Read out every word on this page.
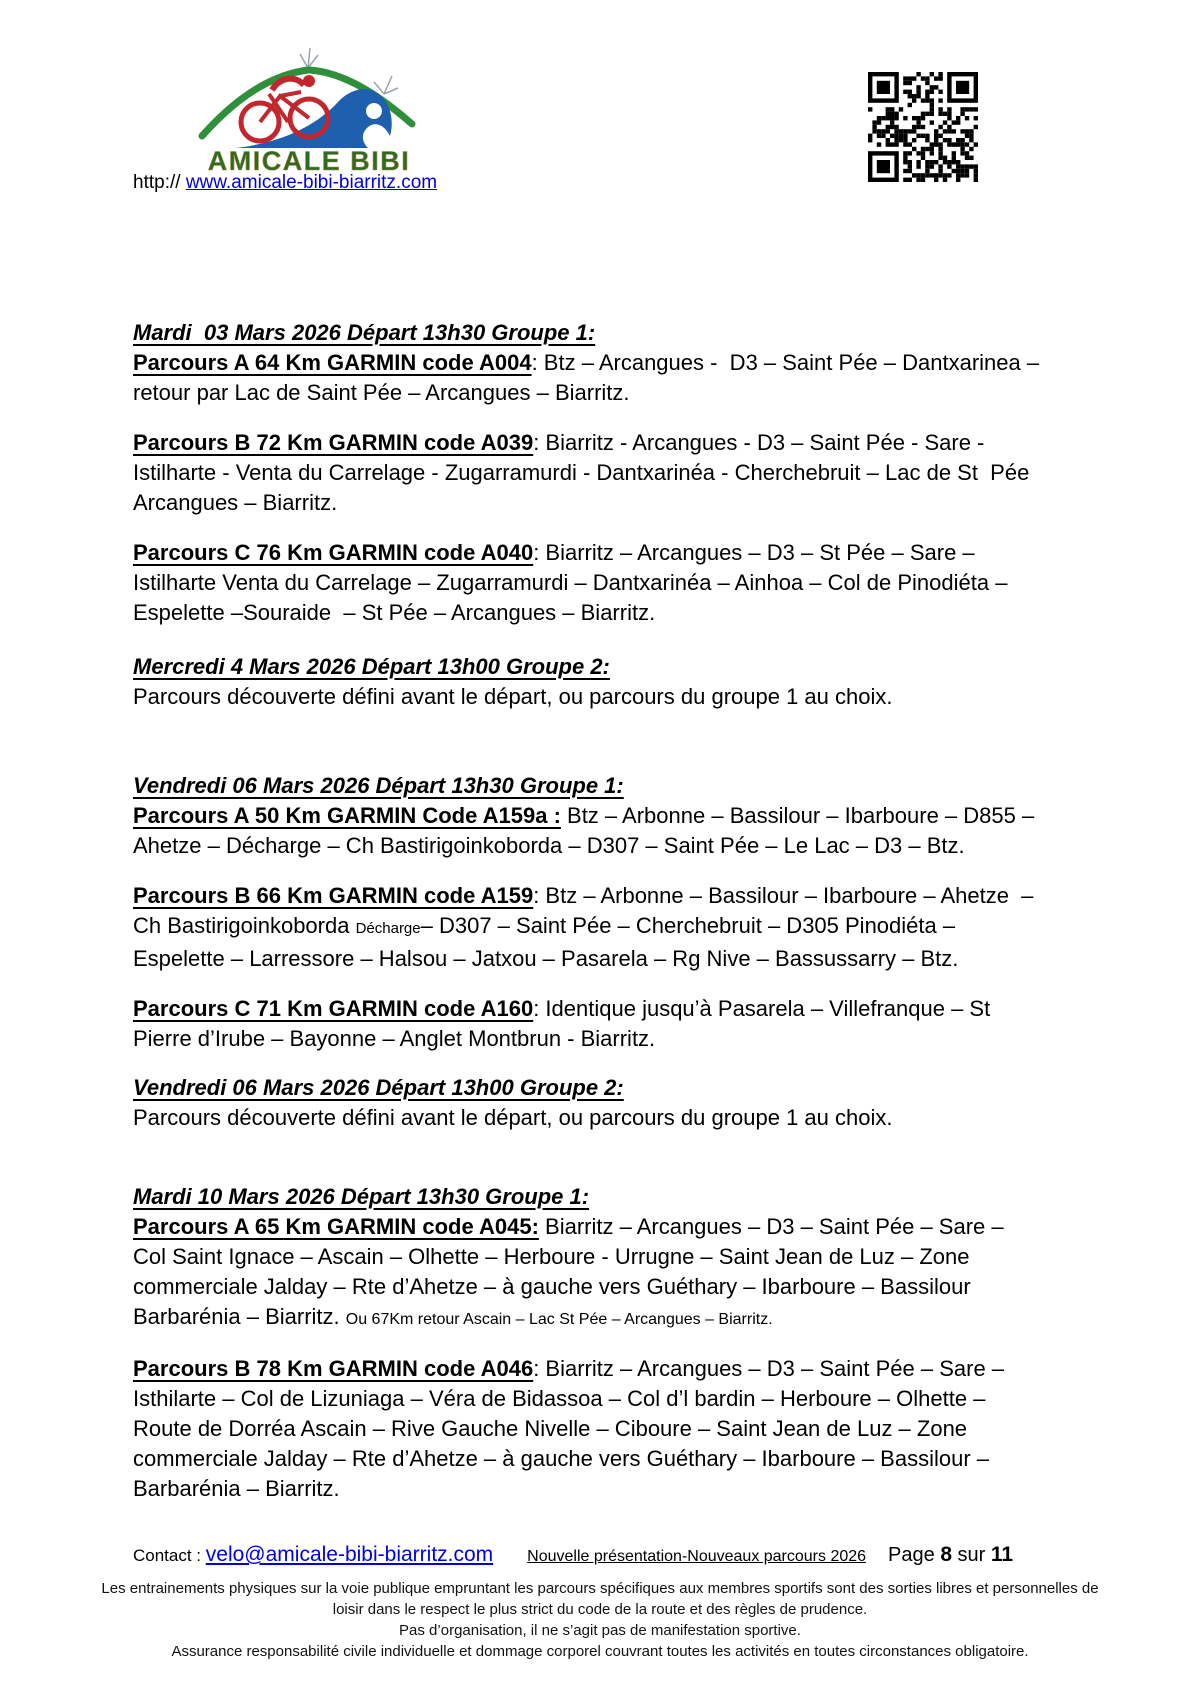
AMICALE BIBI
http:// www.amicale-bibi-biarritz.com

Mardi  03 Mars 2026 Départ 13h30 Groupe 1:

Parcours A 64 Km GARMIN code A004: Btz – Arcangues -  D3 – Saint Pée – Dantxarinea – retour par Lac de Saint Pée – Arcangues – Biarritz.

Parcours B 72 Km GARMIN code A039: Biarritz - Arcangues - D3 – Saint Pée - Sare - Istilharte - Venta du Carrelage - Zugarramurdi - Dantxarinéa - Cherchebruit – Lac de St  Pée Arcangues – Biarritz.

Parcours C 76 Km GARMIN code A040: Biarritz – Arcangues – D3 – St Pée – Sare – Istilharte Venta du Carrelage – Zugarramurdi – Dantxarinéa – Ainhoa – Col de Pinodiéta – Espelette –Souraide  – St Pée – Arcangues – Biarritz.

Mercredi 4 Mars 2026 Départ 13h00 Groupe 2:

Parcours découverte défini avant le départ, ou parcours du groupe 1 au choix.

Vendredi 06 Mars 2026 Départ 13h30 Groupe 1:

Parcours A 50 Km GARMIN Code A159a : Btz – Arbonne – Bassilour – Ibarboure – D855 – Ahetze – Décharge – Ch Bastirigoinkoborda – D307 – Saint Pée – Le Lac – D3 – Btz.

Parcours B 66 Km GARMIN code A159: Btz – Arbonne – Bassilour – Ibarboure – Ahetze  – Ch Bastirigoinkoborda Décharge– D307 – Saint Pée – Cherchebruit – D305 Pinodiéta – Espelette – Larressore – Halsou – Jatxou – Pasarela – Rg Nive – Bassussarry – Btz.

Parcours C 71 Km GARMIN code A160: Identique jusqu’à Pasarela – Villefranque – St Pierre d’Irube – Bayonne – Anglet Montbrun - Biarritz.

Vendredi 06 Mars 2026 Départ 13h00 Groupe 2:

Parcours découverte défini avant le départ, ou parcours du groupe 1 au choix.

Mardi 10 Mars 2026 Départ 13h30 Groupe 1:

Parcours A 65 Km GARMIN code A045: Biarritz – Arcangues – D3 – Saint Pée – Sare – Col Saint Ignace – Ascain – Olhette – Herboure - Urrugne – Saint Jean de Luz – Zone commerciale Jalday – Rte d’Ahetze – à gauche vers Guéthary – Ibarboure – Bassilour Barbarénia – Biarritz. Ou 67Km retour Ascain – Lac St Pée – Arcangues – Biarritz.

Parcours B 78 Km GARMIN code A046: Biarritz – Arcangues – D3 – Saint Pée – Sare – Isthilarte – Col de Lizuniaga – Véra de Bidassoa – Col d’l bardin – Herboure – Olhette – Route de Dorréa Ascain – Rive Gauche Nivelle – Ciboure – Saint Jean de Luz – Zone commerciale Jalday – Rte d’Ahetze – à gauche vers Guéthary – Ibarboure – Bassilour – Barbarénia – Biarritz.

Contact : velo@amicale-bibi-biarritz.com Nouvelle présentation-Nouveaux parcours 2026 Page 8 sur 11

Les entrainements physiques sur la voie publique empruntant les parcours spécifiques aux membres sportifs sont des sorties libres et personnelles de loisir dans le respect le plus strict du code de la route et des règles de prudence.

Pas d’organisation, il ne s’agit pas de manifestation sportive.

Assurance responsabilité civile individuelle et dommage corporel couvrant toutes les activités en toutes circonstances obligatoire.
